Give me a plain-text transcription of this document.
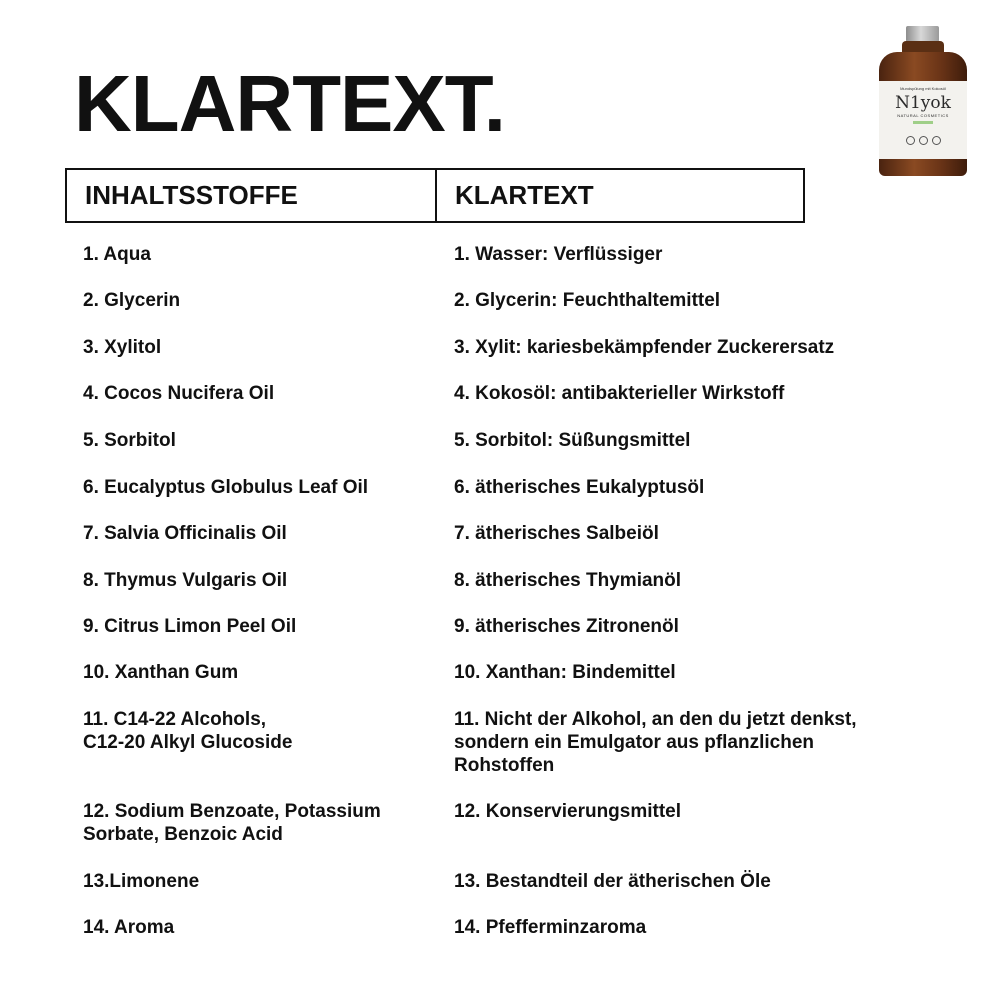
KLARTEXT.	Mundspülung mit Kokosöl
N1yok
NATURAL COSMETICS
INHALTSSTOFFE	KLARTEXT
1. Aqua	1. Wasser: Verflüssiger
2. Glycerin	2. Glycerin: Feuchthaltemittel
3. Xylitol	3. Xylit: kariesbekämpfender Zuckerersatz
4. Cocos Nucifera Oil	4. Kokosöl: antibakterieller Wirkstoff
5. Sorbitol	5. Sorbitol: Süßungsmittel
6. Eucalyptus Globulus Leaf Oil	6. ätherisches Eukalyptusöl
7. Salvia Officinalis Oil	7. ätherisches Salbeiöl
8. Thymus Vulgaris Oil	8. ätherisches Thymianöl
9. Citrus Limon Peel Oil	9. ätherisches Zitronenöl
10. Xanthan Gum	10. Xanthan: Bindemittel
11. C14-22 Alcohols,
C12-20 Alkyl Glucoside
11. Nicht der Alkohol, an den du jetzt denkst,
sondern ein Emulgator aus pflanzlichen
Rohstoffen
12. Sodium Benzoate, Potassium
Sorbate, Benzoic Acid
12. Konservierungsmittel
13.Limonene	13. Bestandteil der ätherischen Öle
14. Aroma	14. Pfefferminzaroma
